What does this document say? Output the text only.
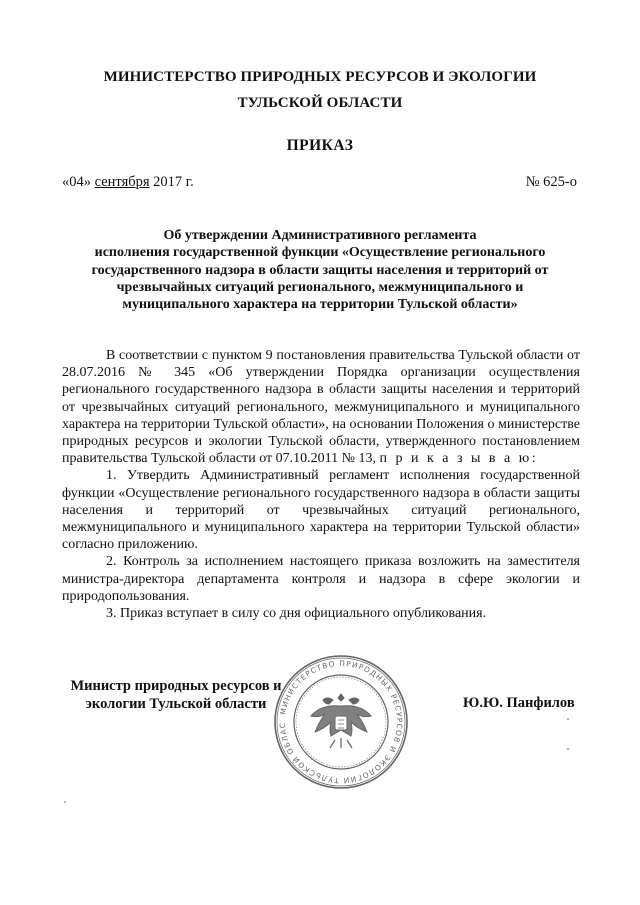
МИНИСТЕРСТВО ПРИРОДНЫХ РЕСУРСОВ И ЭКОЛОГИИ
ТУЛЬСКОЙ ОБЛАСТИ
ПРИКАЗ
«04» сентября 2017 г.	№ 625-о
Об утверждении Административного регламента
исполнения государственной функции «Осуществление регионального
государственного надзора в области защиты населения и территорий от
чрезвычайных ситуаций регионального, межмуниципального и
муниципального характера на территории Тульской области»

В соответствии с пунктом 9 постановления правительства Тульской области от 28.07.2016 № 345 «Об утверждении Порядка организации осуществления регионального государственного надзора в области защиты населения и территорий от чрезвычайных ситуаций регионального, межмуниципального и муниципального характера на территории Тульской области», на основании Положения о министерстве природных ресурсов и экологии Тульской области, утвержденного постановлением правительства Тульской области от 07.10.2011 № 13, п р и к а з ы в а ю:

1. Утвердить Административный регламент исполнения государственной функции «Осуществление регионального государственного надзора в области защиты населения и территорий от чрезвычайных ситуаций регионального, межмуниципального и муниципального характера на территории Тульской области» согласно приложению.

2. Контроль за исполнением настоящего приказа возложить на заместителя министра-директора департамента контроля и надзора в сфере экологии и природопользования.

3. Приказ вступает в силу со дня официального опубликования.

Министр природных ресурсов и
экологии Тульской области	МИНИСТЕРСТВО ПРИРОДНЫХ РЕСУРСОВ И ЭКОЛОГИИ ТУЛЬСКОЙ ОБЛАС
Ю.Ю. Панфилов
